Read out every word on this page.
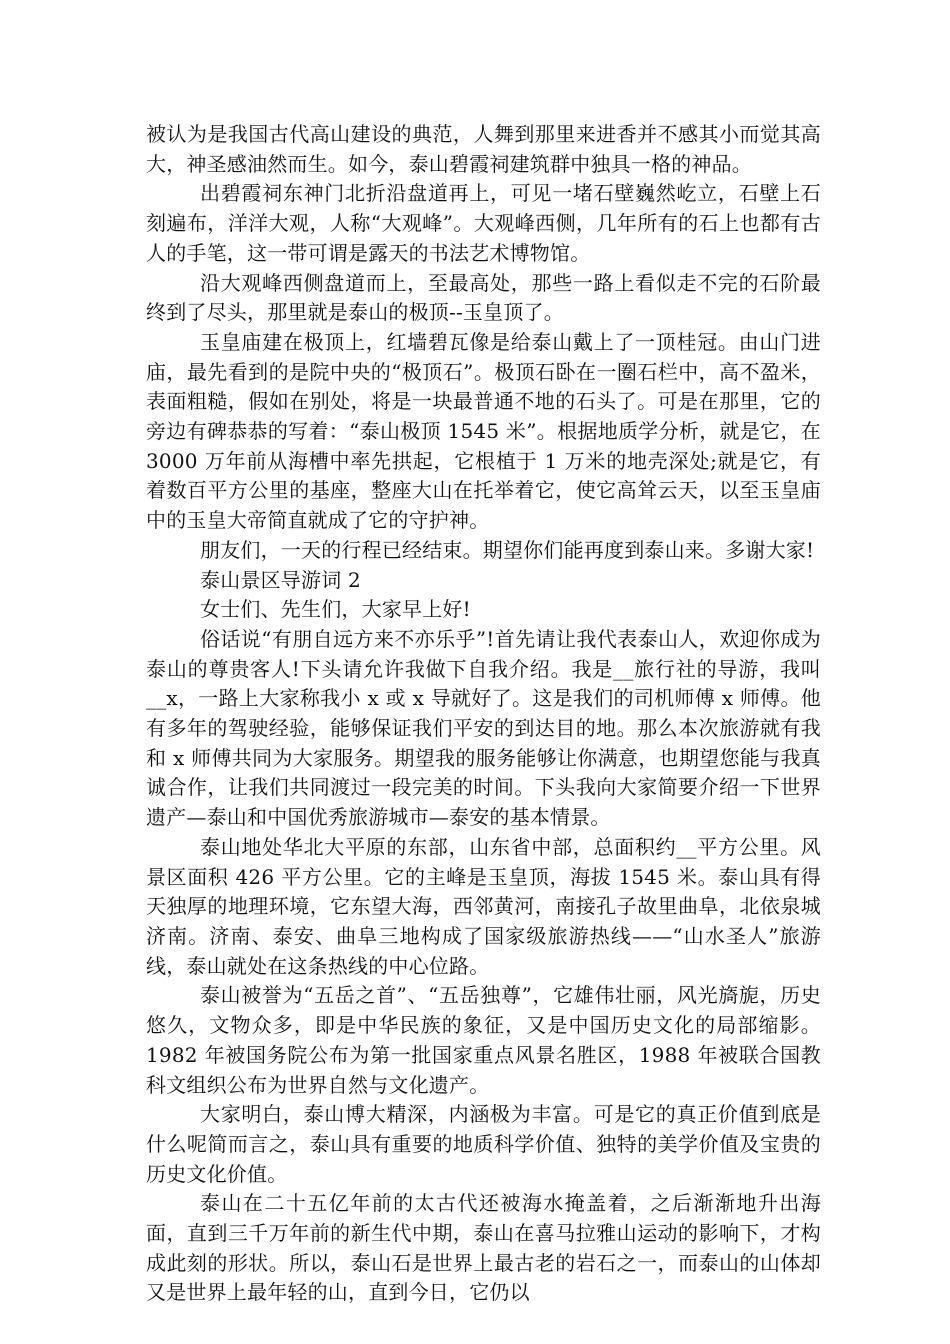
被认为是我国古代高山建设的典范，人舞到那里来进香并不感其小而觉其高大，神圣感油然而生。如今，泰山碧霞祠建筑群中独具一格的神品。

出碧霞祠东神门北折沿盘道再上，可见一堵石壁巍然屹立，石壁上石刻遍布，洋洋大观，人称“大观峰”。大观峰西侧，几年所有的石上也都有古人的手笔，这一带可谓是露天的书法艺术博物馆。

沿大观峰西侧盘道而上，至最高处，那些一路上看似走不完的石阶最终到了尽头，那里就是泰山的极顶--玉皇顶了。

玉皇庙建在极顶上，红墙碧瓦像是给泰山戴上了一顶桂冠。由山门进庙，最先看到的是院中央的“极顶石”。极顶石卧在一圈石栏中，高不盈米，表面粗糙，假如在别处，将是一块最普通不地的石头了。可是在那里，它的旁边有碑恭恭的写着：“泰山极顶 1545 米”。根据地质学分析，就是它，在 3000 万年前从海槽中率先拱起，它根植于 1 万米的地壳深处;就是它，有着数百平方公里的基座，整座大山在托举着它，使它高耸云天，以至玉皇庙中的玉皇大帝简直就成了它的守护神。

朋友们，一天的行程已经结束。期望你们能再度到泰山来。多谢大家!

泰山景区导游词 2

女士们、先生们，大家早上好!

俗话说“有朋自远方来不亦乐乎”!首先请让我代表泰山人，欢迎你成为泰山的尊贵客人!下头请允许我做下自我介绍。我是__旅行社的导游，我叫__x，一路上大家称我小 x 或 x 导就好了。这是我们的司机师傅 x 师傅。他有多年的驾驶经验，能够保证我们平安的到达目的地。那么本次旅游就有我和 x 师傅共同为大家服务。期望我的服务能够让你满意，也期望您能与我真诚合作，让我们共同渡过一段完美的时间。下头我向大家简要介绍一下世界遗产—泰山和中国优秀旅游城市—泰安的基本情景。

泰山地处华北大平原的东部，山东省中部，总面积约__平方公里。风景区面积 426 平方公里。它的主峰是玉皇顶，海拔 1545 米。泰山具有得天独厚的地理环境，它东望大海，西邻黄河，南接孔子故里曲阜，北依泉城济南。济南、泰安、曲阜三地构成了国家级旅游热线——“山水圣人”旅游线，泰山就处在这条热线的中心位路。

泰山被誉为“五岳之首”、“五岳独尊”，它雄伟壮丽，风光旖旎，历史悠久，文物众多，即是中华民族的象征，又是中国历史文化的局部缩影。1982 年被国务院公布为第一批国家重点风景名胜区，1988 年被联合国教科文组织公布为世界自然与文化遗产。

大家明白，泰山博大精深，内涵极为丰富。可是它的真正价值到底是什么呢简而言之，泰山具有重要的地质科学价值、独特的美学价值及宝贵的历史文化价值。

泰山在二十五亿年前的太古代还被海水掩盖着，之后渐渐地升出海面，直到三千万年前的新生代中期，泰山在喜马拉雅山运动的影响下，才构成此刻的形状。所以，泰山石是世界上最古老的岩石之一，而泰山的山体却又是世界上最年轻的山，直到今日，它仍以
